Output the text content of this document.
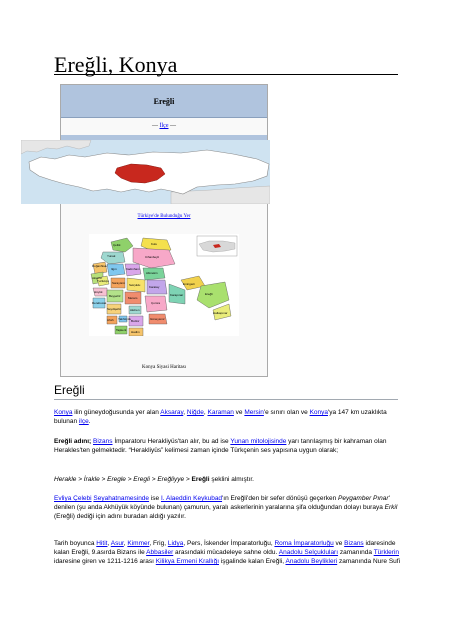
Ereğli, Konya
Ereğli
— İlçe —
Türkiye'de Bulunduğu Yer
Çeltik	Kulu
Yunak	Cihanbeyli
Doğanhisar
Akşehir
Ilgın
Tuzlukçu
Kadınhanı
Altınekin
Sarayönü Selçuklu	Emirgazi
Hüyük
Derebucak
Beyşehir Meram
Karatay
Karapınar	Ereğli
Seydişehir	Akören
Çumra
Halkapınar
Ahırlı Yalıhüyük
Taşkent
Bozkır
Hadim
Güneysınır
Konya Siyasi Haritası
Ereğli

Konya ilin güneydoğusunda yer alan Aksaray, Niğde, Karaman ve Mersin'e sınırı olan ve Konya'ya 147 km uzaklıkta bulunan ilçe.

Ereğli adını; Bizans İmparatoru Herakliyüs'tan alır, bu ad ise Yunan mitolojisinde yarı tanrılaşmış bir kahraman olan Herakles'ten gelmektedir. “Herakliyüs” kelimesi zaman içinde Türkçenin ses yapısına uygun olarak;

Herakle > İrakle > Eregle > Eregli > Ereğliyye > Ereğli şeklini almıştır.

Evliya Çelebi Seyahatnamesinde ise I. Alaeddin Keykubad'ın Ereğli'den bir sefer dönüşü geçerken Peygamber Pınar' denilen (şu anda Akhüyük köyünde bulunan) çamurun, yaralı askerlerinin yaralarına şifa olduğundan dolayı buraya Erkil (Ereğli) dediği için adını buradan aldığı yazılır.

Tarih boyunca Hitit, Asur, Kimmer, Frig, Lidya, Pers, İskender İmparatorluğu, Roma İmparatorluğu ve Bizans idaresinde kalan Ereğli, 9.asırda Bizans ile Abbasiler arasındaki mücadeleye sahne oldu. Anadolu Selçukluları zamanında Türklerin idaresine giren ve 1211-1216 arası Kilikya Ermeni Krallığı işgalinde kalan Ereğli, Anadolu Beylikleri zamanında Nure Sufi
